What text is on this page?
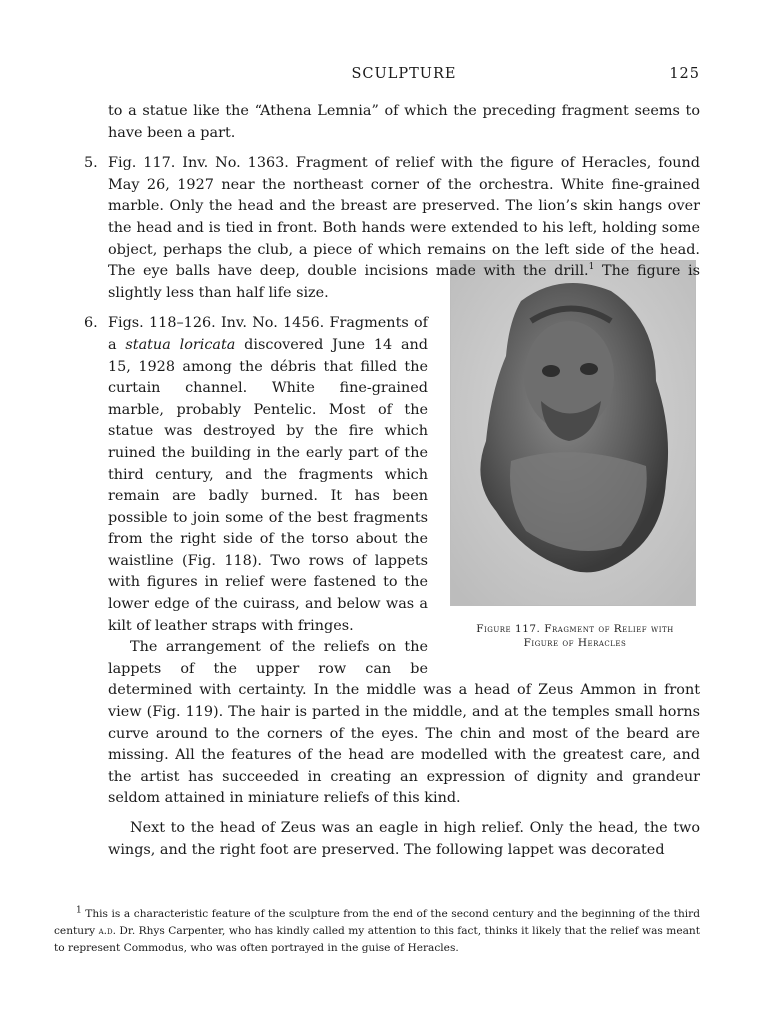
SCULPTURE	125

to a statue like the “Athena Lemnia” of which the preceding fragment seems to have been a part.

5. Fig. 117. Inv. No. 1363. Fragment of relief with the figure of Heracles, found May 26, 1927 near the northeast corner of the orchestra. White fine-grained marble. Only the head and the breast are preserved. The lion’s skin hangs over the head and is tied in front. Both hands were extended to his left, holding some object, perhaps the club, a piece of which remains on the left side of the head. The eye balls have deep, double incisions made with the drill.$^1$ The figure is slightly less than half life size.

Figure 117. Fragment of Relief with
Figure of Heracles

6. Figs. 118–126. Inv. No. 1456. Fragments of a statua loricata discovered June 14 and 15, 1928 among the débris that filled the curtain channel. White fine-grained marble, probably Pentelic. Most of the statue was destroyed by the fire which ruined the building in the early part of the third century, and the fragments which remain are badly burned. It has been possible to join some of the best fragments from the right side of the torso about the waistline (Fig. 118). Two rows of lappets with figures in relief were fastened to the lower edge of the cuirass, and below was a kilt of leather straps with fringes.

The arrangement of the reliefs on the lappets of the upper row can be determined with certainty. In the middle was a head of Zeus Ammon in front view (Fig. 119). The hair is parted in the middle, and at the temples small horns curve around to the corners of the eyes. The chin and most of the beard are missing. All the features of the head are modelled with the greatest care, and the artist has succeeded in creating an expression of dignity and grandeur seldom attained in miniature reliefs of this kind.

Next to the head of Zeus was an eagle in high relief. Only the head, the two wings, and the right foot are preserved. The following lappet was decorated

$^1$ This is a characteristic feature of the sculpture from the end of the second century and the beginning of the third century a.d. Dr. Rhys Carpenter, who has kindly called my attention to this fact, thinks it likely that the relief was meant to represent Commodus, who was often portrayed in the guise of Heracles.
